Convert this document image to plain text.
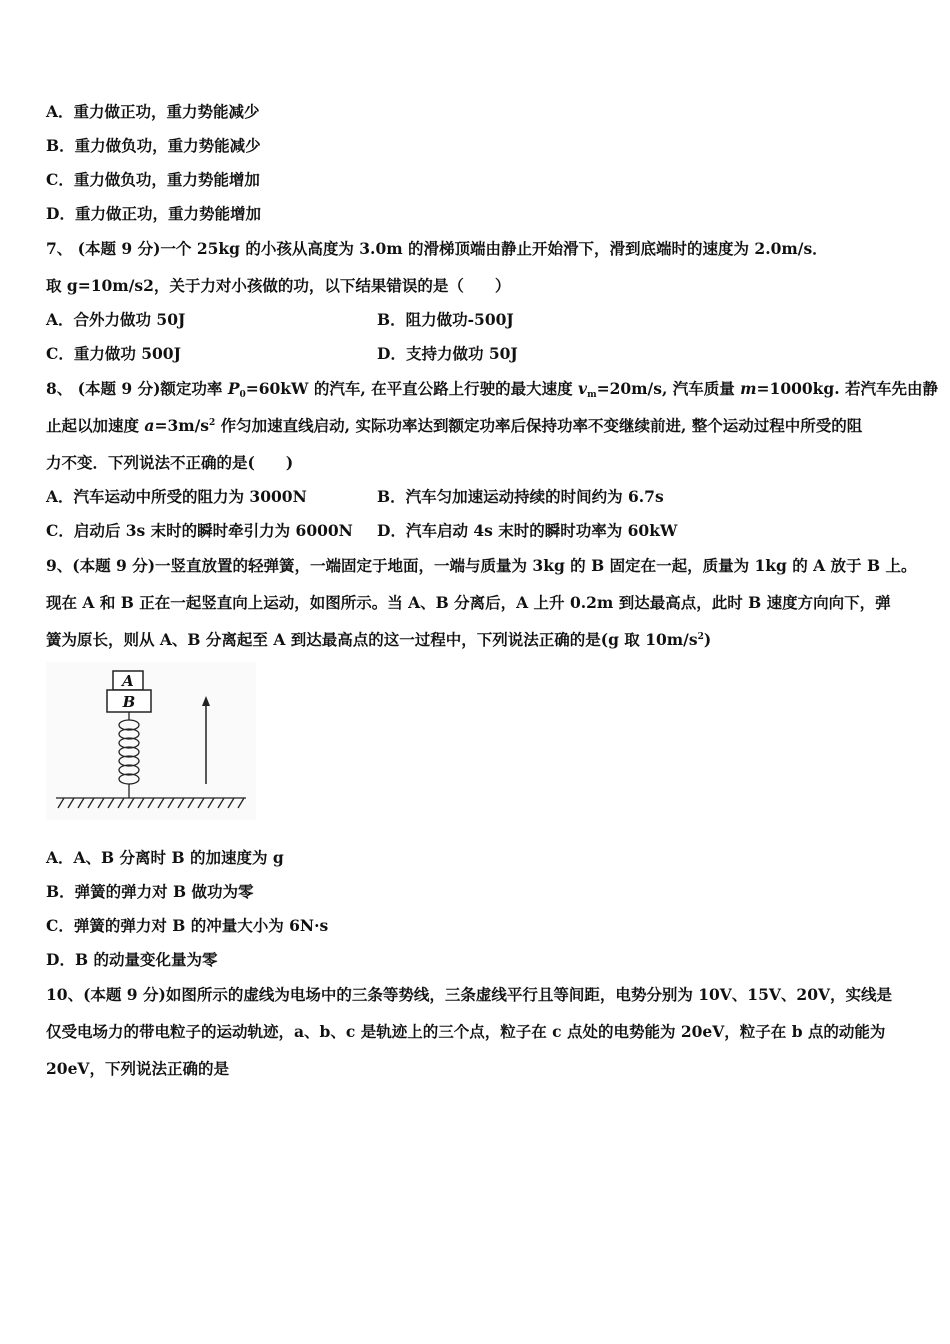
A．重力做正功，重力势能减少
B．重力做负功，重力势能减少
C．重力做负功，重力势能增加
D．重力做正功，重力势能增加
7、 (本题 9 分)一个 25kg 的小孩从高度为 3.0m 的滑梯顶端由静止开始滑下，滑到底端时的速度为 2.0m/s．
取 g=10m/s2，关于力对小孩做的功，以下结果错误的是（　　）
A．合外力做功 50J	B．阻力做功-500J
C．重力做功 500J	D．支持力做功 50J
8、 (本题 9 分)额定功率 $P_0=60kW$ 的汽车, 在平直公路上行驶的最大速度 $v_m=20m/s$, 汽车质量 m=1000kg. 若汽车先由静
止起以加速度 $a=3m/s^2$ 作匀加速直线启动, 实际功率达到额定功率后保持功率不变继续前进, 整个运动过程中所受的阻
力不变．下列说法不正确的是(　　)
A．汽车运动中所受的阻力为 3000N	B．汽车匀加速运动持续的时间约为 6.7s
C．启动后 3s 末时的瞬时牵引力为 6000N D．汽车启动 4s 末时的瞬时功率为 60kW
9、(本题 9 分)一竖直放置的轻弹簧，一端固定于地面，一端与质量为 3kg 的 B 固定在一起，质量为 1kg 的 A 放于 B 上。
现在 A 和 B 正在一起竖直向上运动，如图所示。当 A、B 分离后，A 上升 0.2m 到达最高点，此时 B 速度方向向下，弹
簧为原长，则从 A、B 分离起至 A 到达最高点的这一过程中，下列说法正确的是(g 取 $10m/s^2$)
A
B
A．A、B 分离时 B 的加速度为 g
B．弹簧的弹力对 B 做功为零
C．弹簧的弹力对 B 的冲量大小为 6N·s
D．B 的动量变化量为零
10、(本题 9 分)如图所示的虚线为电场中的三条等势线，三条虚线平行且等间距，电势分别为 10V、15V、20V，实线是
仅受电场力的带电粒子的运动轨迹，a、b、c 是轨迹上的三个点，粒子在 c 点处的电势能为 20eV，粒子在 b 点的动能为
20eV，下列说法正确的是
